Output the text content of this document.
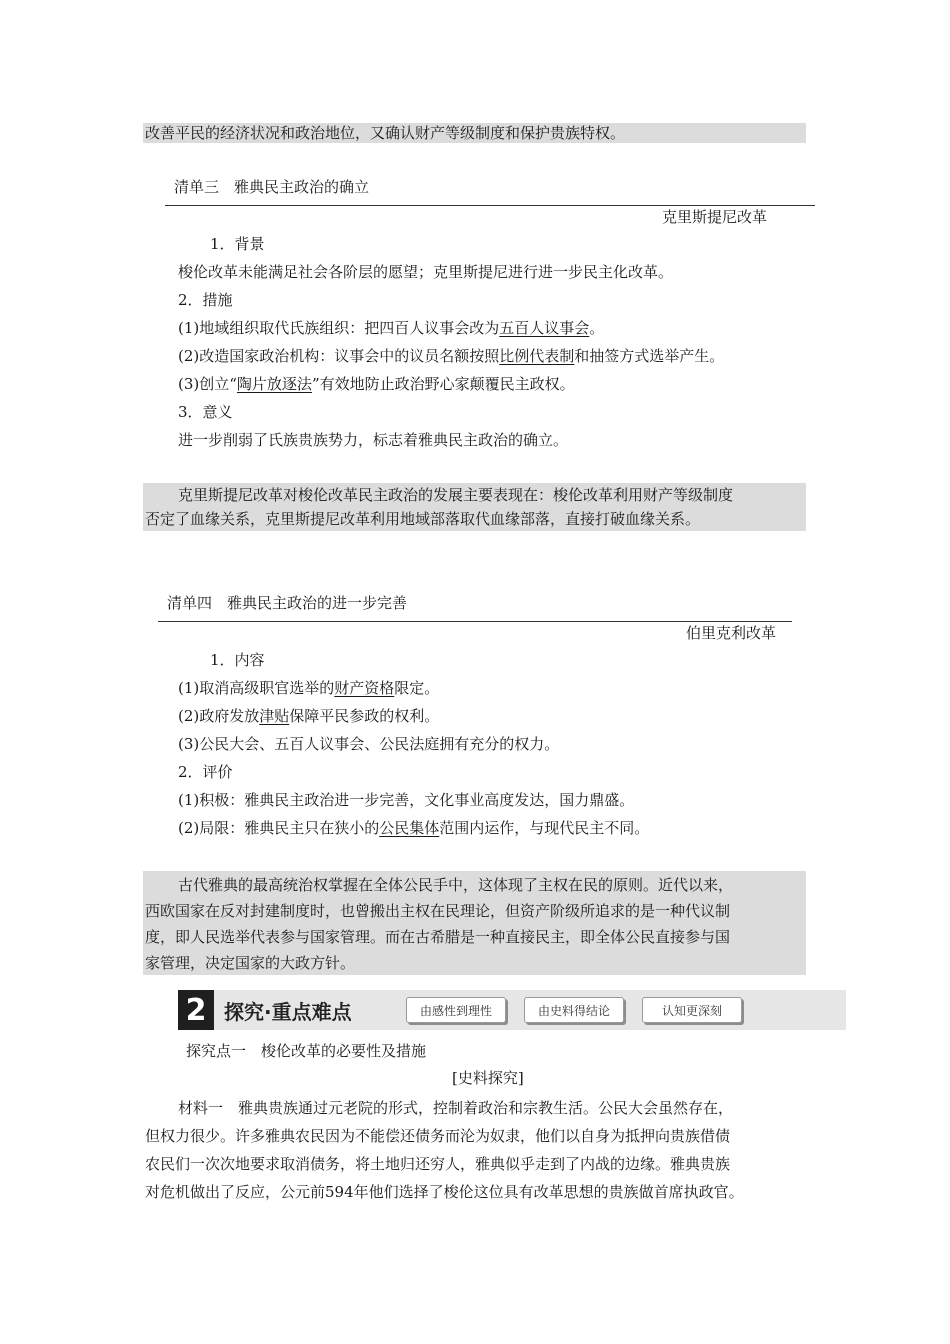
改善平民的经济状况和政治地位，又确认财产等级制度和保护贵族特权。
清单三　雅典民主政治的确立
克里斯提尼改革
1．背景
梭伦改革未能满足社会各阶层的愿望；克里斯提尼进行进一步民主化改革。
2．措施
(1)地域组织取代氏族组织：把四百人议事会改为五百人议事会。
(2)改造国家政治机构：议事会中的议员名额按照比例代表制和抽签方式选举产生。
(3)创立“陶片放逐法”有效地防止政治野心家颠覆民主政权。
3．意义
进一步削弱了氏族贵族势力，标志着雅典民主政治的确立。
克里斯提尼改革对梭伦改革民主政治的发展主要表现在：梭伦改革利用财产等级制度
否定了血缘关系，克里斯提尼改革利用地域部落取代血缘部落，直接打破血缘关系。
清单四　雅典民主政治的进一步完善
伯里克利改革
1．内容
(1)取消高级职官选举的财产资格限定。
(2)政府发放津贴保障平民参政的权利。
(3)公民大会、五百人议事会、公民法庭拥有充分的权力。
2．评价
(1)积极：雅典民主政治进一步完善，文化事业高度发达，国力鼎盛。
(2)局限：雅典民主只在狭小的公民集体范围内运作，与现代民主不同。
古代雅典的最高统治权掌握在全体公民手中，这体现了主权在民的原则。近代以来，
西欧国家在反对封建制度时，也曾搬出主权在民理论，但资产阶级所追求的是一种代议制
度，即人民选举代表参与国家管理。而在古希腊是一种直接民主，即全体公民直接参与国
家管理，决定国家的大政方针。
2 探究·重点难点	由感性到理性	由史料得结论	认知更深刻
探究点一　梭伦改革的必要性及措施
[史料探究]
材料一　雅典贵族通过元老院的形式，控制着政治和宗教生活。公民大会虽然存在，
但权力很少。许多雅典农民因为不能偿还债务而沦为奴隶，他们以自身为抵押向贵族借债
农民们一次次地要求取消债务，将土地归还穷人，雅典似乎走到了内战的边缘。雅典贵族
对危机做出了反应，公元前594年他们选择了梭伦这位具有改革思想的贵族做首席执政官。
